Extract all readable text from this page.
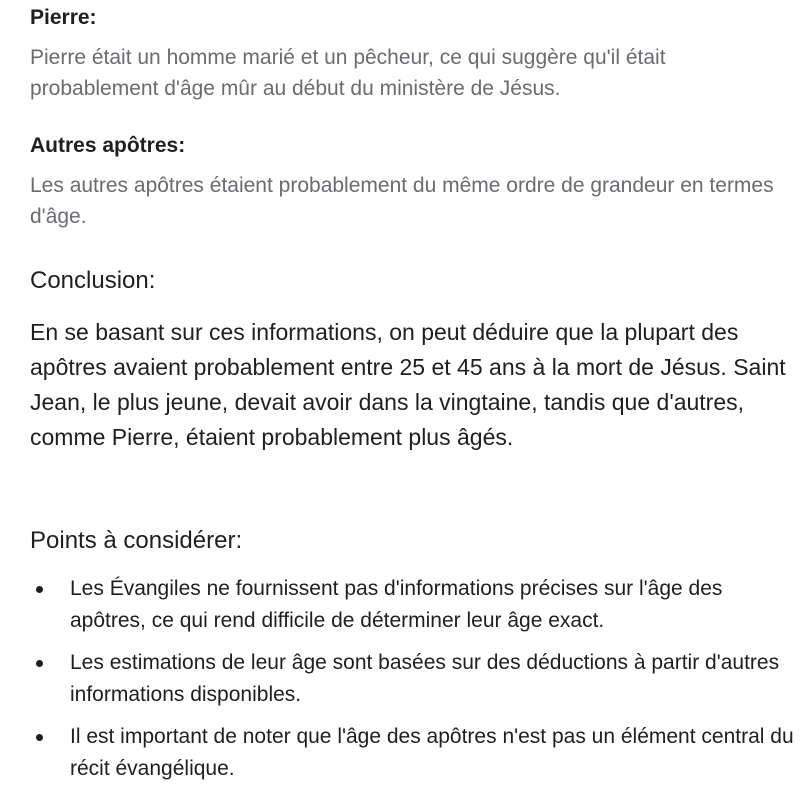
Pierre:

Pierre était un homme marié et un pêcheur, ce qui suggère qu'il était probablement d'âge mûr au début du ministère de Jésus.

Autres apôtres:

Les autres apôtres étaient probablement du même ordre de grandeur en termes d'âge.

Conclusion:

En se basant sur ces informations, on peut déduire que la plupart des apôtres avaient probablement entre 25 et 45 ans à la mort de Jésus. Saint Jean, le plus jeune, devait avoir dans la vingtaine, tandis que d'autres, comme Pierre, étaient probablement plus âgés.

Points à considérer:
Les Évangiles ne fournissent pas d'informations précises sur l'âge des apôtres, ce qui rend difficile de déterminer leur âge exact.
Les estimations de leur âge sont basées sur des déductions à partir d'autres informations disponibles.
Il est important de noter que l'âge des apôtres n'est pas un élément central du récit évangélique.
